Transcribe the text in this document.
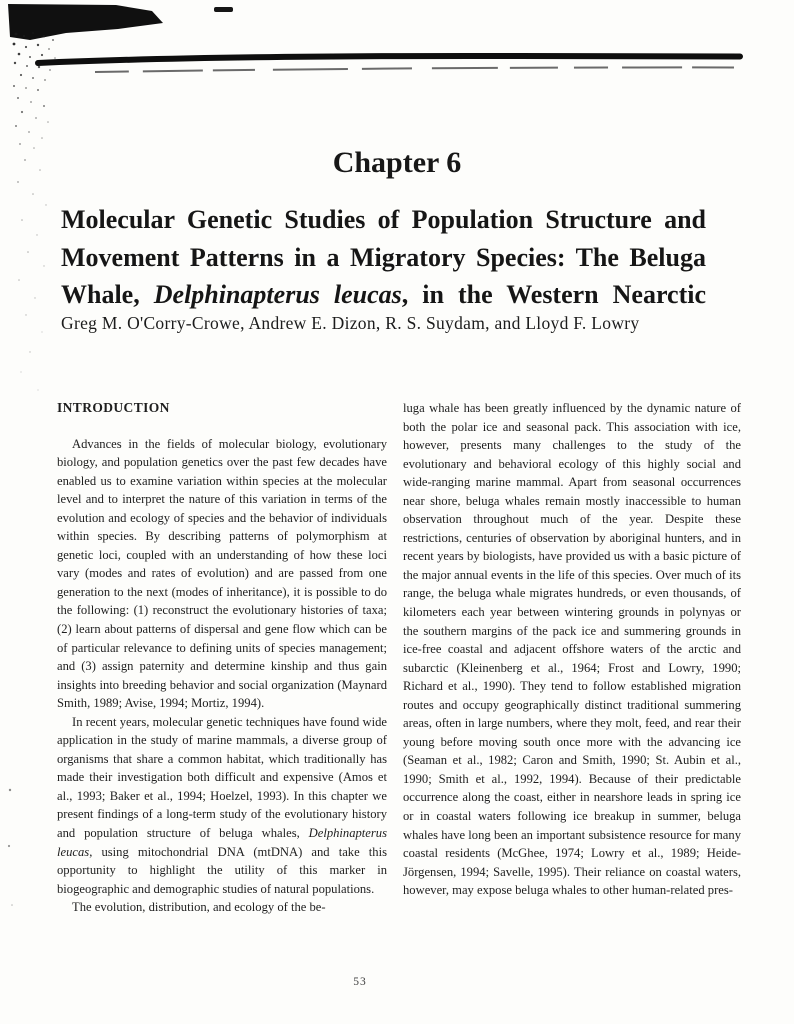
Chapter 6
Molecular Genetic Studies of Population Structure and
Movement Patterns in a Migratory Species: The Beluga
Whale, Delphinapterus leucas, in the Western Nearctic
Greg M. O'Corry-Crowe, Andrew E. Dizon, R. S. Suydam, and Lloyd F. Lowry
INTRODUCTION

Advances in the fields of molecular biology, evolutionary biology, and population genetics over the past few decades have enabled us to examine variation within species at the molecular level and to interpret the nature of this variation in terms of the evolution and ecology of species and the behavior of individuals within species. By describing patterns of polymorphism at genetic loci, coupled with an understanding of how these loci vary (modes and rates of evolution) and are passed from one generation to the next (modes of inheritance), it is possible to do the following: (1) reconstruct the evolutionary histories of taxa; (2) learn about patterns of dispersal and gene flow which can be of particular relevance to defining units of species management; and (3) assign paternity and determine kinship and thus gain insights into breeding behavior and social organization (Maynard Smith, 1989; Avise, 1994; Mortiz, 1994).

In recent years, molecular genetic techniques have found wide application in the study of marine mammals, a diverse group of organisms that share a common habitat, which traditionally has made their investigation both difficult and expensive (Amos et al., 1993; Baker et al., 1994; Hoelzel, 1993). In this chapter we present findings of a long-term study of the evolutionary history and population structure of beluga whales, Delphinapterus leucas, using mitochondrial DNA (mtDNA) and take this opportunity to highlight the utility of this marker in biogeographic and demographic studies of natural populations.

The evolution, distribution, and ecology of the be-

luga whale has been greatly influenced by the dynamic nature of both the polar ice and seasonal pack. This association with ice, however, presents many challenges to the study of the evolutionary and behavioral ecology of this highly social and wide-ranging marine mammal. Apart from seasonal occurrences near shore, beluga whales remain mostly inaccessible to human observation throughout much of the year. Despite these restrictions, centuries of observation by aboriginal hunters, and in recent years by biologists, have provided us with a basic picture of the major annual events in the life of this species. Over much of its range, the beluga whale migrates hundreds, or even thousands, of kilometers each year between wintering grounds in polynyas or the southern margins of the pack ice and summering grounds in ice-free coastal and adjacent offshore waters of the arctic and subarctic (Kleinenberg et al., 1964; Frost and Lowry, 1990; Richard et al., 1990). They tend to follow established migration routes and occupy geographically distinct traditional summering areas, often in large numbers, where they molt, feed, and rear their young before moving south once more with the advancing ice (Seaman et al., 1982; Caron and Smith, 1990; St. Aubin et al., 1990; Smith et al., 1992, 1994). Because of their predictable occurrence along the coast, either in nearshore leads in spring ice or in coastal waters following ice breakup in summer, beluga whales have long been an important subsistence resource for many coastal residents (McGhee, 1974; Lowry et al., 1989; Heide-Jörgensen, 1994; Savelle, 1995). Their reliance on coastal waters, however, may expose beluga whales to other human-related pres-

53
